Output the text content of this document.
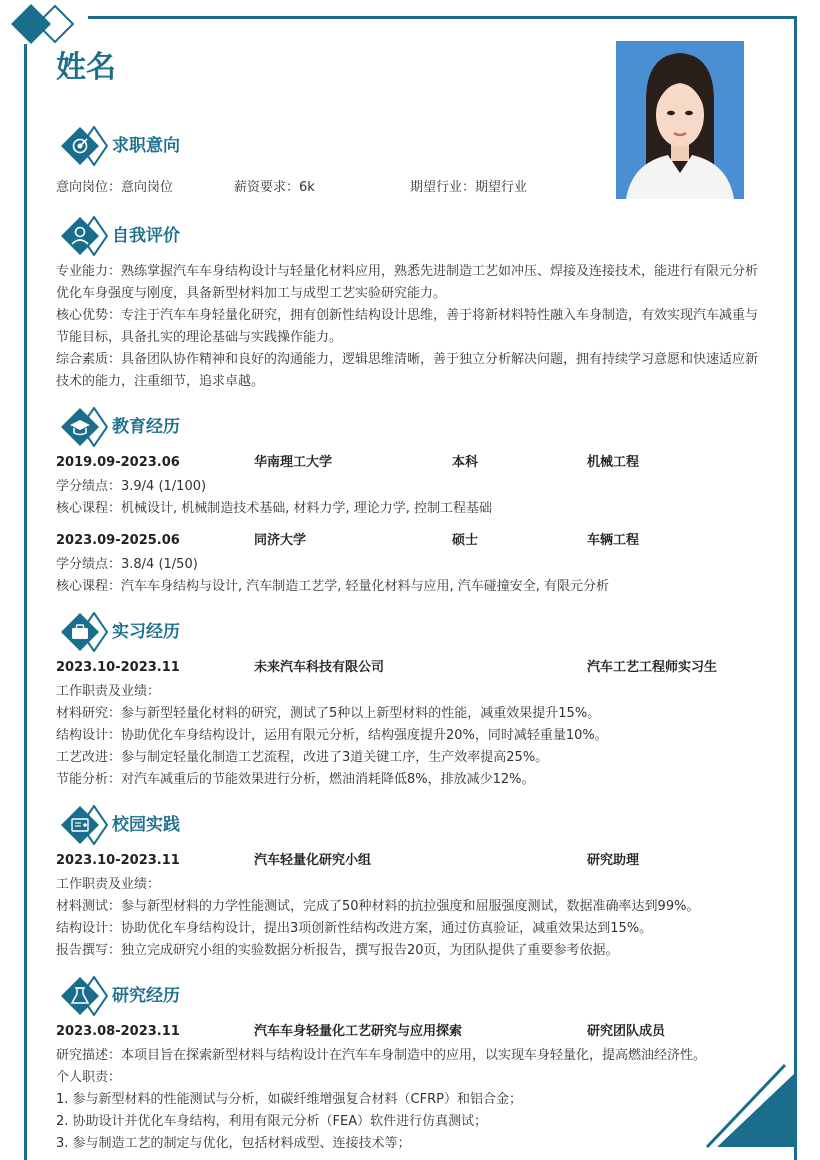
姓名
求职意向
意向岗位：意向岗位	薪资要求：6k	期望行业：期望行业
自我评价
专业能力：熟练掌握汽车车身结构设计与轻量化材料应用，熟悉先进制造工艺如冲压、焊接及连接技术，能进行有限元分析优化车身强度与刚度，具备新型材料加工与成型工艺实验研究能力。
核心优势：专注于汽车车身轻量化研究，拥有创新性结构设计思维，善于将新材料特性融入车身制造，有效实现汽车减重与节能目标，具备扎实的理论基础与实践操作能力。
综合素质：具备团队协作精神和良好的沟通能力，逻辑思维清晰，善于独立分析解决问题，拥有持续学习意愿和快速适应新技术的能力，注重细节，追求卓越。
教育经历
2019.09-2023.06	华南理工大学	本科	机械工程
学分绩点：3.9/4 (1/100)
核心课程：机械设计, 机械制造技术基础, 材料力学, 理论力学, 控制工程基础
2023.09-2025.06	同济大学	硕士	车辆工程
学分绩点：3.8/4 (1/50)
核心课程：汽车车身结构与设计, 汽车制造工艺学, 轻量化材料与应用, 汽车碰撞安全, 有限元分析
实习经历
2023.10-2023.11	未来汽车科技有限公司	汽车工艺工程师实习生
工作职责及业绩：
材料研究：参与新型轻量化材料的研究，测试了5种以上新型材料的性能，减重效果提升15%。
结构设计：协助优化车身结构设计，运用有限元分析，结构强度提升20%，同时减轻重量10%。
工艺改进：参与制定轻量化制造工艺流程，改进了3道关键工序，生产效率提高25%。
节能分析：对汽车减重后的节能效果进行分析，燃油消耗降低8%，排放减少12%。
校园实践
2023.10-2023.11	汽车轻量化研究小组	研究助理
工作职责及业绩：
材料测试：参与新型材料的力学性能测试，完成了50种材料的抗拉强度和屈服强度测试，数据准确率达到99%。
结构设计：协助优化车身结构设计，提出3项创新性结构改进方案，通过仿真验证，减重效果达到15%。
报告撰写：独立完成研究小组的实验数据分析报告，撰写报告20页，为团队提供了重要参考依据。
研究经历
2023.08-2023.11	汽车车身轻量化工艺研究与应用探索	研究团队成员
研究描述：本项目旨在探索新型材料与结构设计在汽车车身制造中的应用，以实现车身轻量化，提高燃油经济性。
个人职责：
1. 参与新型材料的性能测试与分析，如碳纤维增强复合材料（CFRP）和铝合金；
2. 协助设计并优化车身结构，利用有限元分析（FEA）软件进行仿真测试；
3. 参与制造工艺的制定与优化，包括材料成型、连接技术等；
